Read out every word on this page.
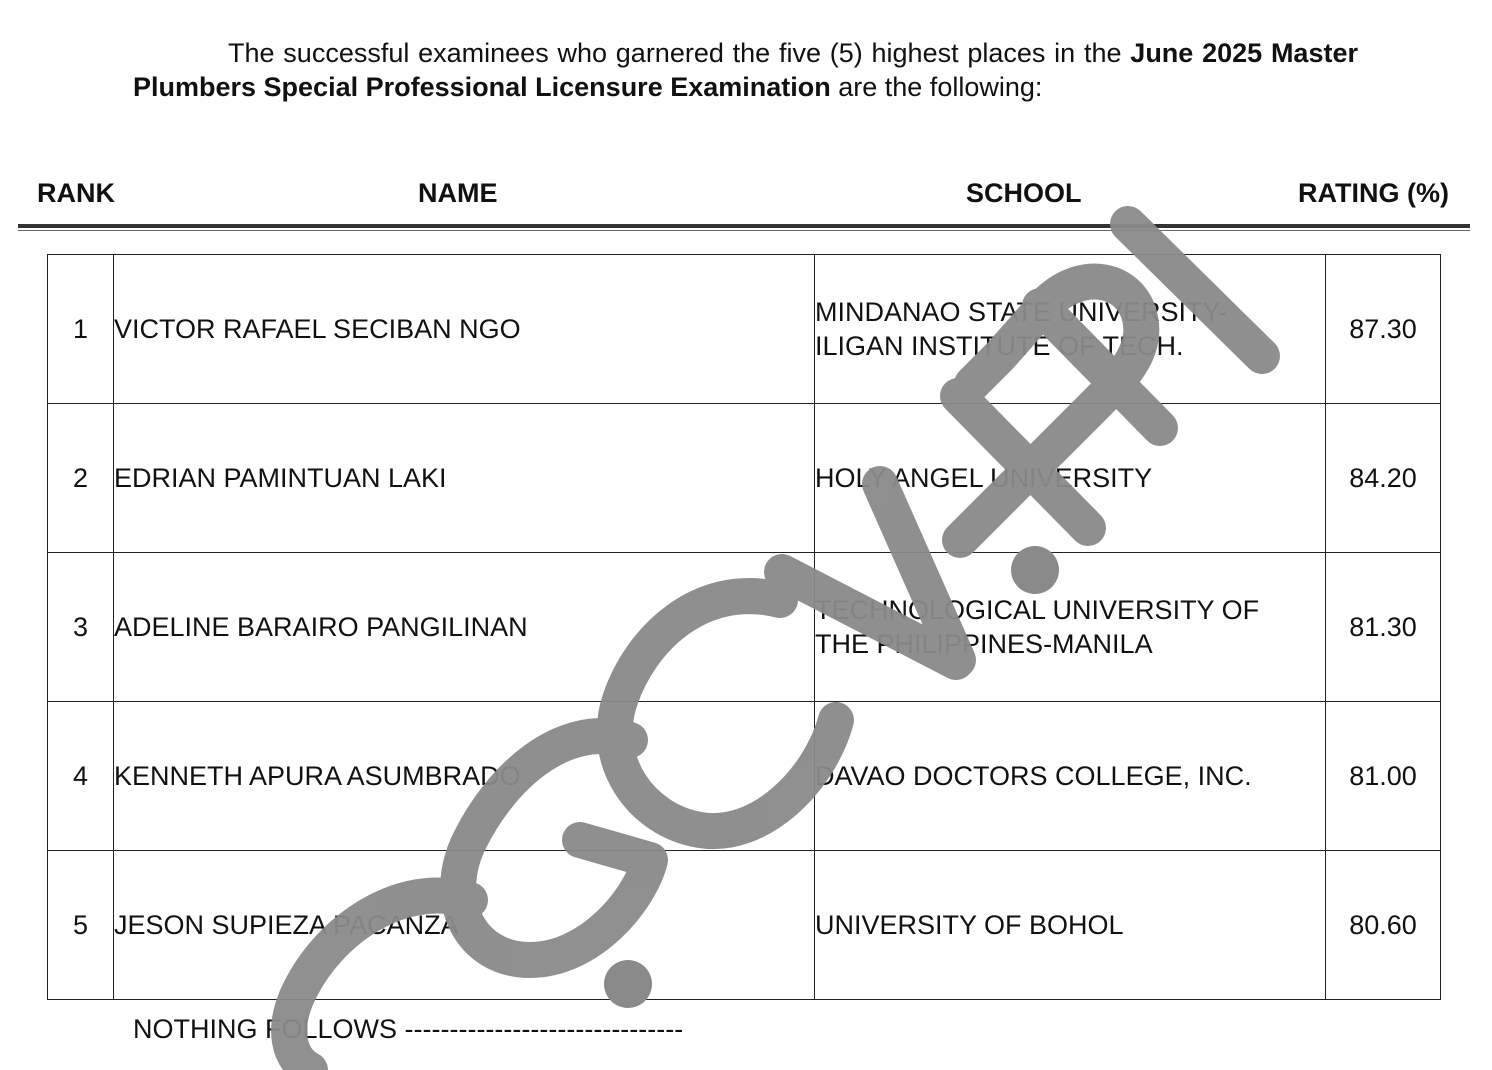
The successful examinees who garnered the five (5) highest places in the June 2025 Master Plumbers Special Professional Licensure Examination are the following:
RANK	NAME	SCHOOL	RATING (%)
1	VICTOR RAFAEL SECIBAN NGO	MINDANAO STATE UNIVERSITY-
ILIGAN INSTITUTE OF TECH.	87.30
2	EDRIAN PAMINTUAN LAKI	HOLY ANGEL UNIVERSITY	84.20
3	ADELINE BARAIRO PANGILINAN	TECHNOLOGICAL UNIVERSITY OF
THE PHILIPPINES-MANILA	81.30
4	KENNETH APURA ASUMBRADO	DAVAO DOCTORS COLLEGE, INC.	81.00
5	JESON SUPIEZA PACANZA	UNIVERSITY OF BOHOL	80.60
NOTHING FOLLOWS -------------------------------
PRC.GOV.PH
